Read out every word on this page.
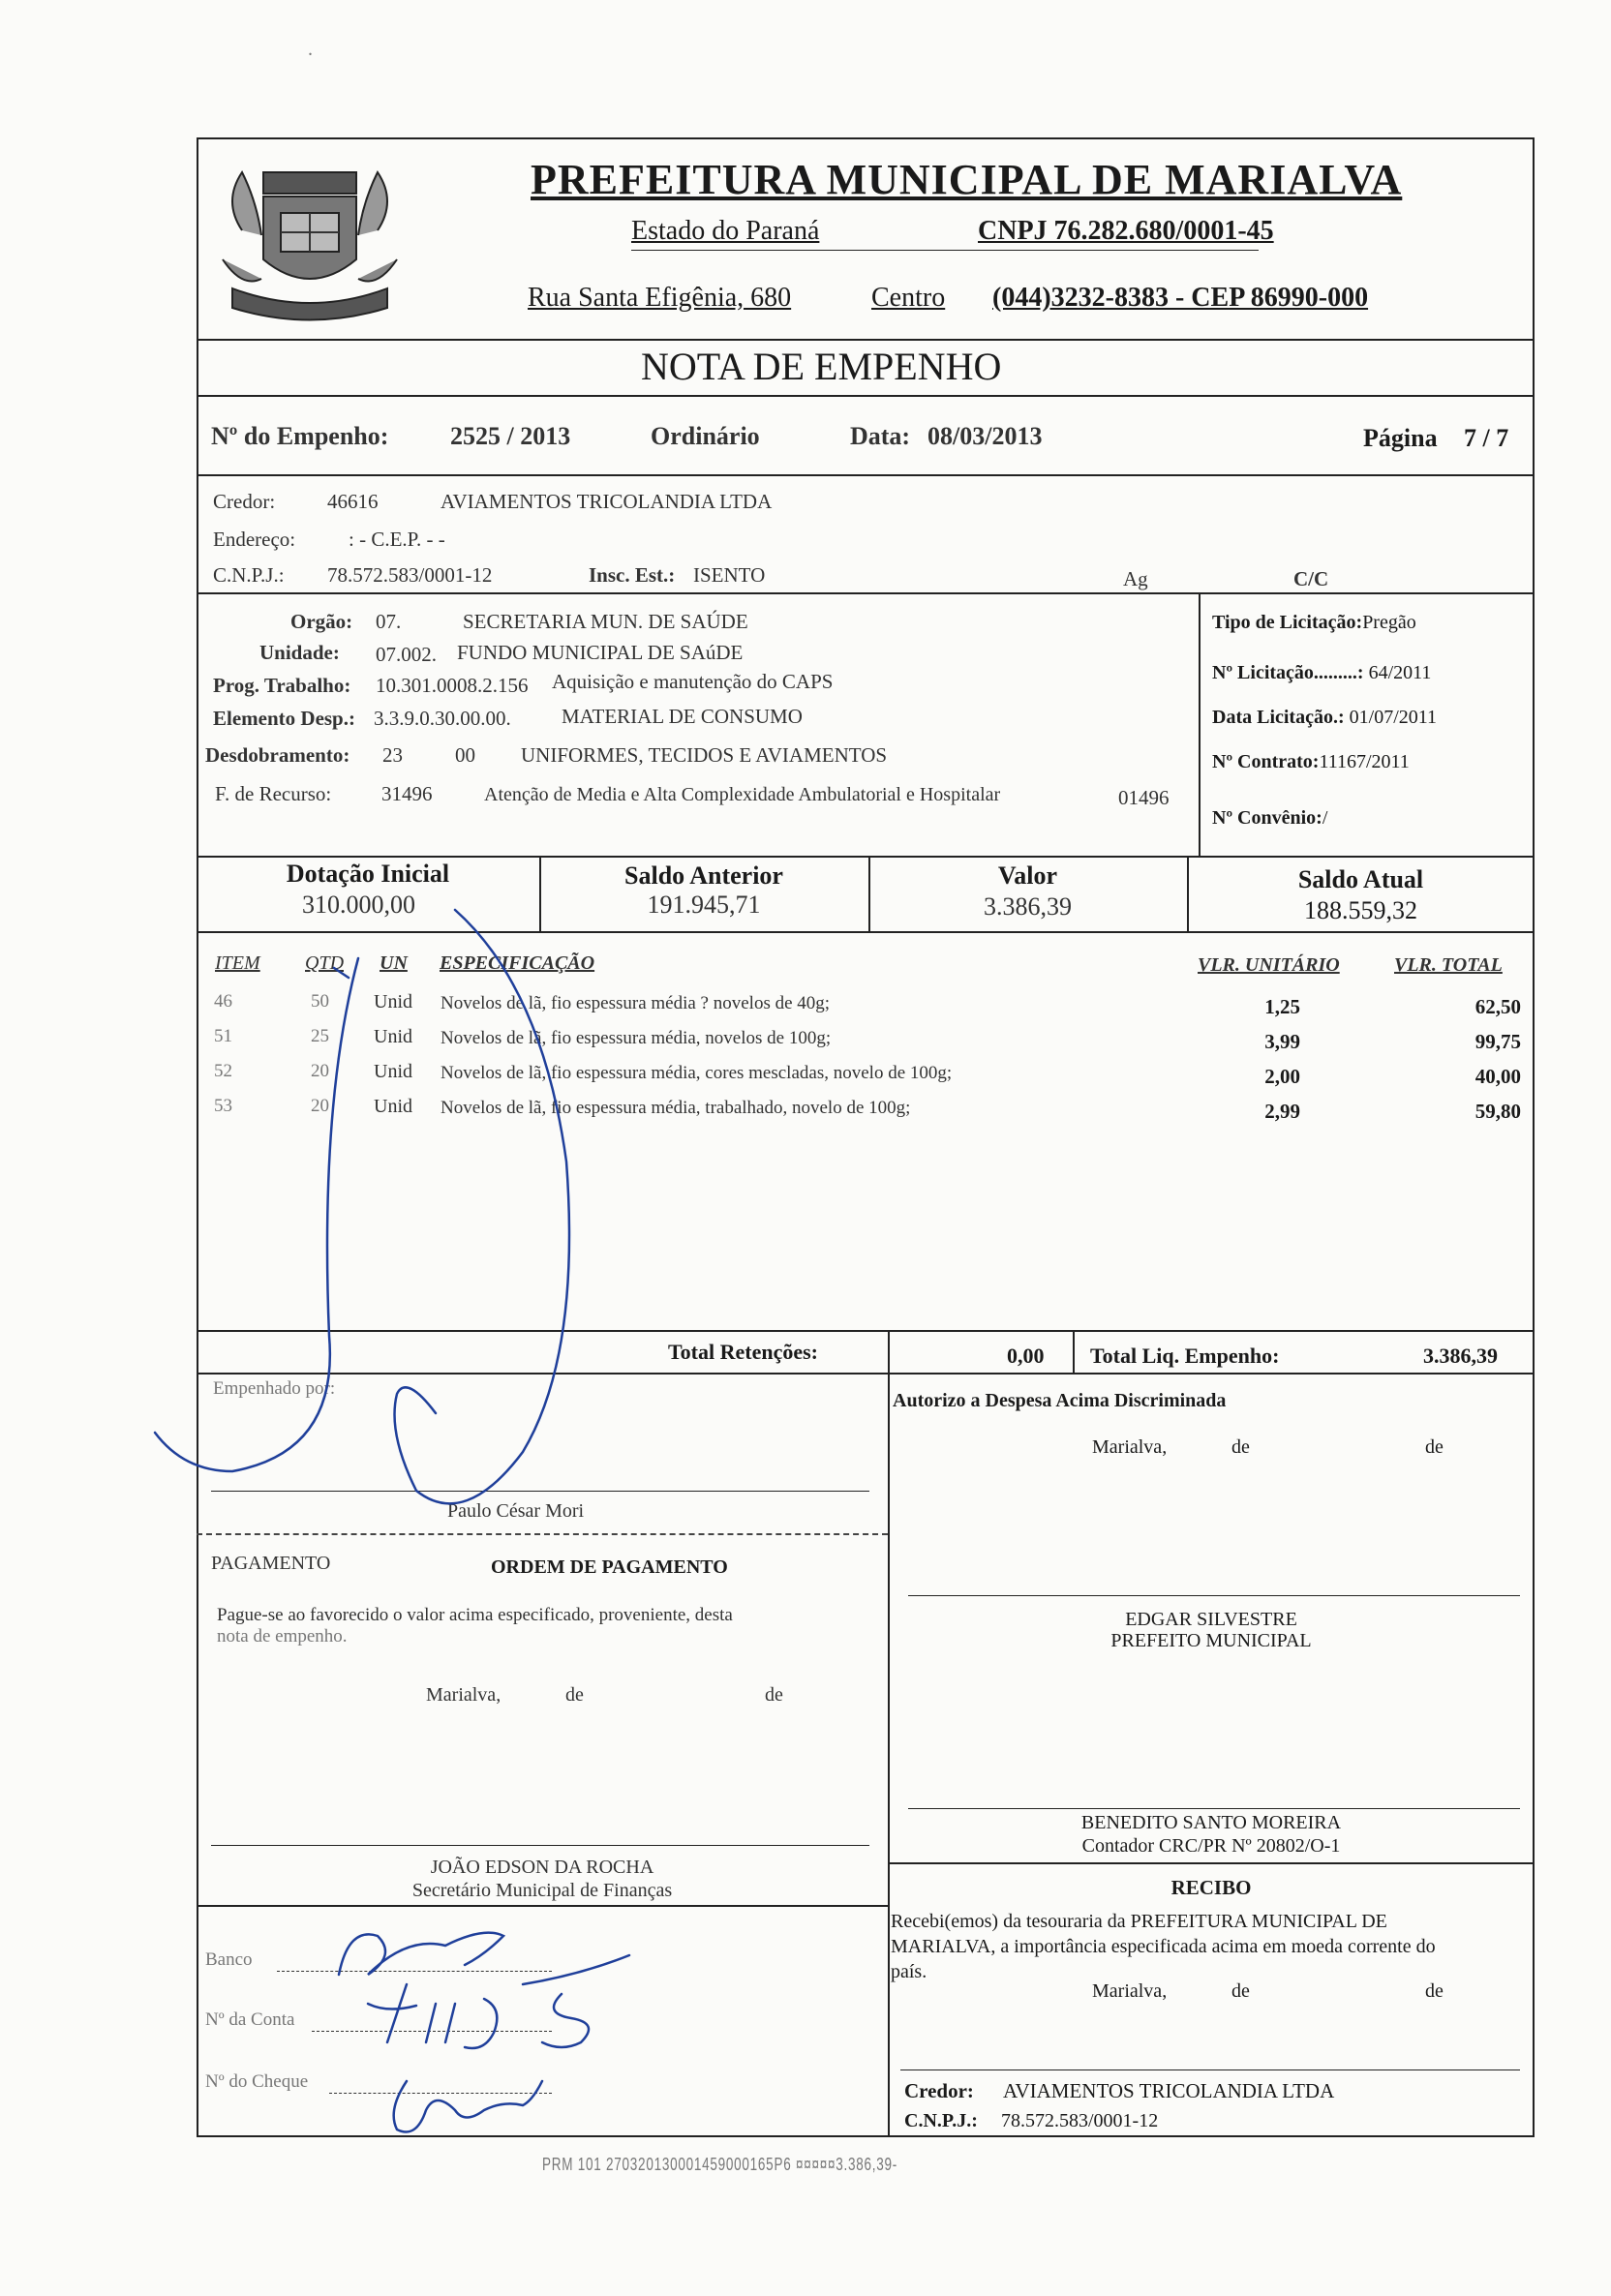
.
PREFEITURA MUNICIPAL DE MARIALVA
Estado do Paraná	CNPJ 76.282.680/0001-45
Rua Santa Efigênia, 680	Centro (044)3232-8383 - CEP 86990-000
NOTA DE EMPENHO
Nº do Empenho: 2525 / 2013	Ordinário	Data: 08/03/2013	Página 7 / 7
Credor:	46616	AVIAMENTOS TRICOLANDIA LTDA
Endereço:	: - C.E.P. - -
C.N.P.J.: 78.572.583/0001-12	Insc. Est.: ISENTO	Ag	C/C
Orgão: 07.	SECRETARIA MUN. DE SAÚDE
Unidade: 07.002. FUNDO MUNICIPAL DE SAúDE
Prog. Trabalho: 10.301.0008.2.156 Aquisição e manutenção do CAPS
Elemento Desp.: 3.3.9.0.30.00.00. MATERIAL DE CONSUMO
Desdobramento: 23	00 UNIFORMES, TECIDOS E AVIAMENTOS
F. de Recurso: 31496	Atenção de Media e Alta Complexidade Ambulatorial e Hospitalar	01496
Tipo de Licitação:Pregão
Nº Licitação.........: 64/2011
Data Licitação.: 01/07/2011
Nº Contrato:11167/2011
Nº Convênio:/
Dotação Inicial
310.000,00
Saldo Anterior
191.945,71
Valor
3.386,39
Saldo Atual
188.559,32
ITEM QTD UN ESPECIFICAÇÃO	VLR. UNITÁRIO	VLR. TOTAL
46	50 Unid Novelos de lã, fio espessura média ? novelos de 40g;	1,25	62,50
51	25 Unid Novelos de lã, fio espessura média, novelos de 100g;	3,99	99,75
52	20 Unid Novelos de lã, fio espessura média, cores mescladas, novelo de 100g;	2,00	40,00
53	20 Unid Novelos de lã, fio espessura média, trabalhado, novelo de 100g;	2,99	59,80
Total Retenções:	0,00 Total Liq. Empenho:	3.386,39
Empenhado por:
Paulo César Mori
Autorizo a Despesa Acima Discriminada
Marialva,	de	de
EDGAR SILVESTRE
PREFEITO MUNICIPAL
PAGAMENTO	ORDEM DE PAGAMENTO
Pague-se ao favorecido o valor acima especificado, proveniente, desta
nota de empenho.
Marialva,	de	de
JOÃO EDSON DA ROCHA
Secretário Municipal de Finanças
BENEDITO SANTO MOREIRA
Contador CRC/PR Nº 20802/O-1
RECIBO
Recebi(emos) da tesouraria da PREFEITURA MUNICIPAL DE
MARIALVA, a importância especificada acima em moeda corrente do
país.
Marialva,	de	de
Credor: AVIAMENTOS TRICOLANDIA LTDA
C.N.P.J.: 78.572.583/0001-12
Banco
Nº da Conta
Nº do Cheque
PRM 101 270320130001459000165P6 ¤¤¤¤¤3.386,39-
